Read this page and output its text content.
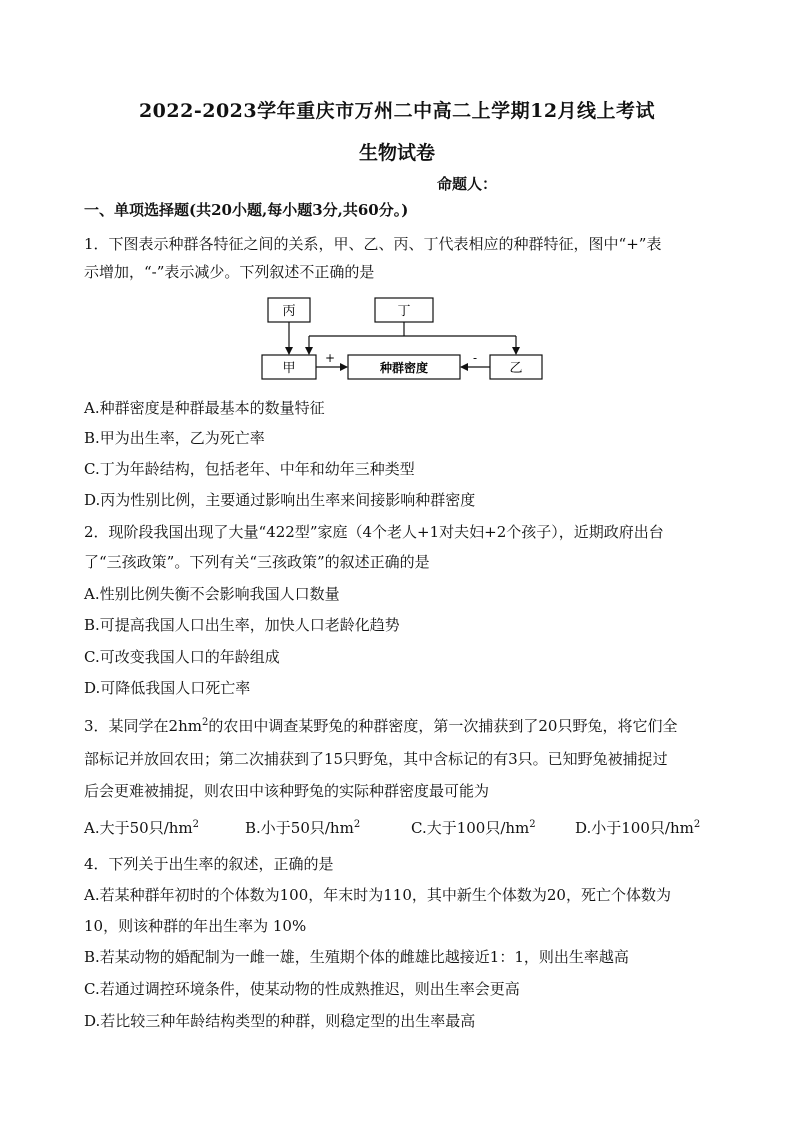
2022-2023学年重庆市万州二中高二上学期12月线上考试
生物试卷
命题人：
一、单项选择题(共20小题,每小题3分,共60分。)
1．下图表示种群各特征之间的关系，甲、乙、丙、丁代表相应的种群特征，图中“+”表
示增加，“-”表示减少。下列叙述不正确的是
丙	丁
甲	种群密度	乙
+	-
A.种群密度是种群最基本的数量特征
B.甲为出生率，乙为死亡率
C.丁为年龄结构，包括老年、中年和幼年三种类型
D.丙为性别比例，主要通过影响出生率来间接影响种群密度
2．现阶段我国出现了大量“422型”家庭（4个老人+1对夫妇+2个孩子），近期政府出台
了“三孩政策”。下列有关“三孩政策”的叙述正确的是
A.性别比例失衡不会影响我国人口数量
B.可提高我国人口出生率，加快人口老龄化趋势
C.可改变我国人口的年龄组成
D.可降低我国人口死亡率
3．某同学在$2hm^2$的农田中调查某野兔的种群密度，第一次捕获到了20只野兔，将它们全
部标记并放回农田；第二次捕获到了15只野兔，其中含标记的有3只。已知野兔被捕捉过
后会更难被捕捉，则农田中该种野兔的实际种群密度最可能为
A.大于50只$/hm^2$	B.小于50只$/hm^2$	C.大于100只$/hm^2$	D.小于100只$/hm^2$
4．下列关于出生率的叙述，正确的是
A.若某种群年初时的个体数为100，年末时为110，其中新生个体数为20，死亡个体数为
10，则该种群的年出生率为 10%
B.若某动物的婚配制为一雌一雄，生殖期个体的雌雄比越接近1：1，则出生率越高
C.若通过调控环境条件，使某动物的性成熟推迟，则出生率会更高
D.若比较三种年龄结构类型的种群，则稳定型的出生率最高
